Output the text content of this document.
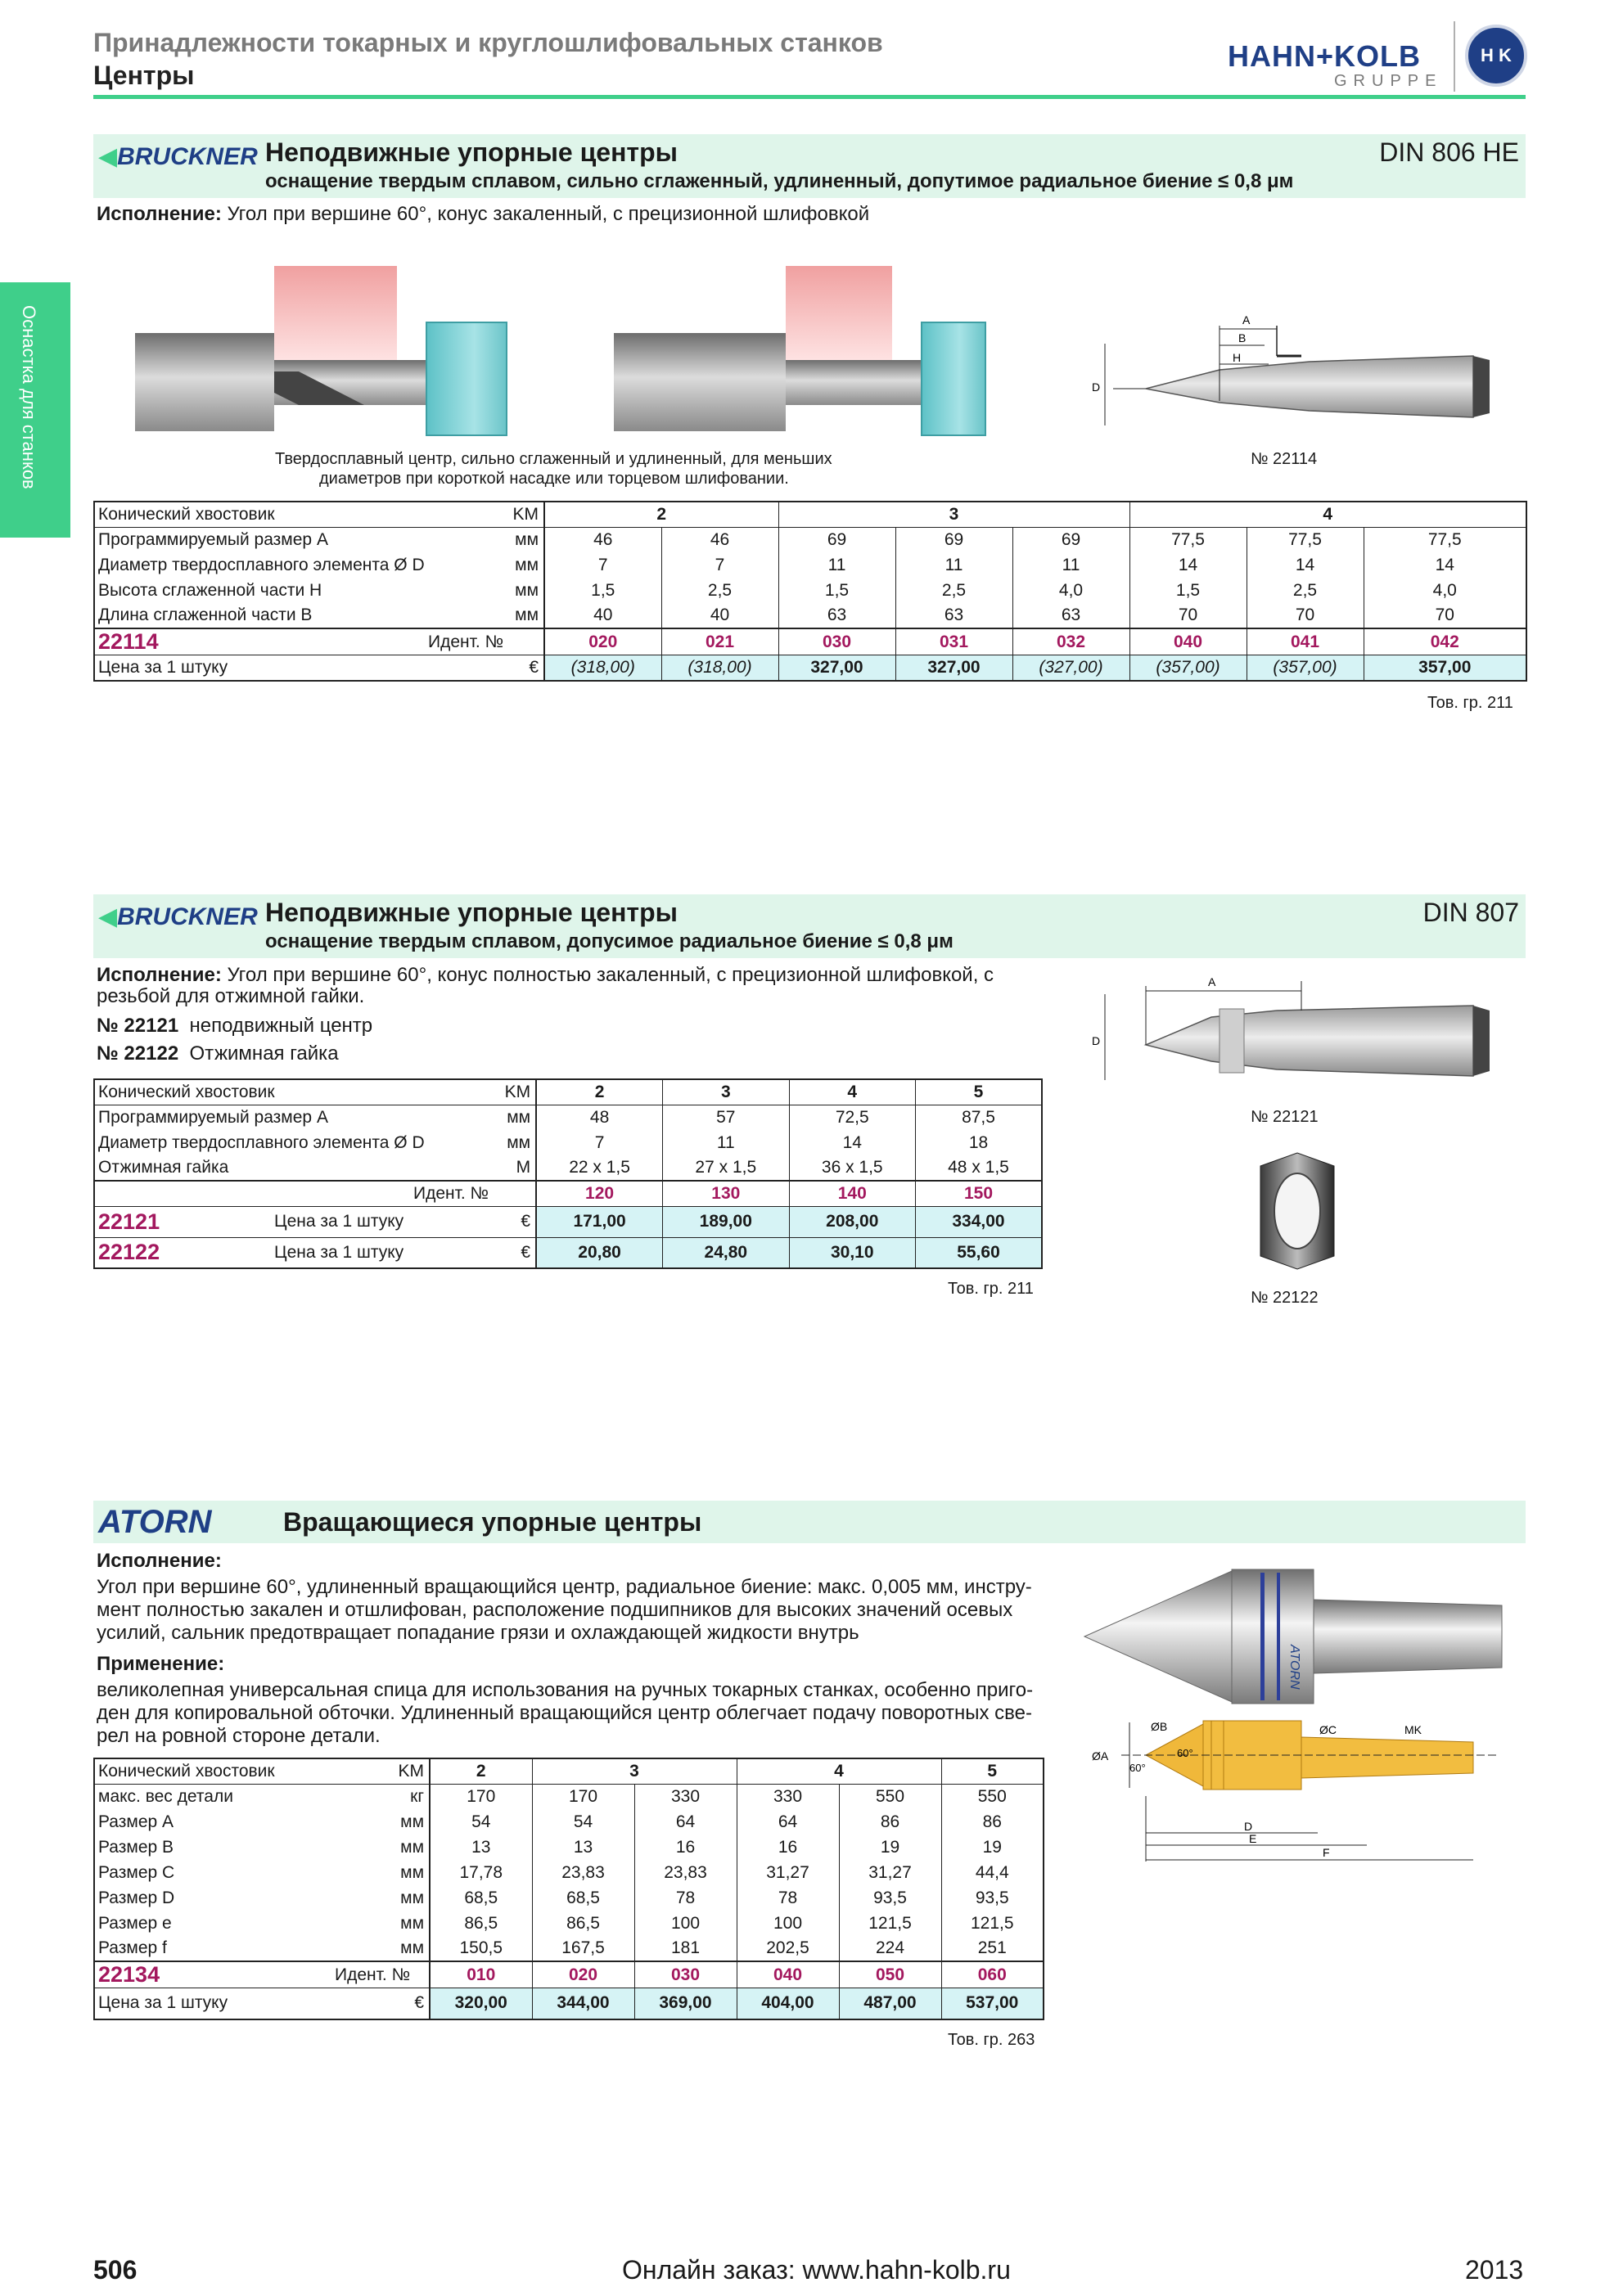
Принадлежности токарных и круглошлифовальных станков
Центры
HAHN+KOLB
GRUPPE
H K
Оснастка для станков
◀BRUCKNER Неподвижные упорные центры
оснащение твердым сплавом, сильно сглаженный, удлиненный, допутимое радиальное биение ≤ 0,8 μм
DIN 806 HE
Исполнение: Угол при вершине 60°, конус закаленный, с прецизионной шлифовкой
Твердосплавный центр, сильно сглаженный и удлиненный, для меньших
диаметров при короткой насадке или торцевом шлифовании.
A
B
H
D
№ 22114
Конический хвостовик	KM	2		3			4		
Программируемый размер А	мм	46	46	69	69	69	77,5	77,5	77,5
Диаметр твердосплавного элемента Ø D	мм	7	7	11	11	11	14	14	14
Высота сглаженной части Н	мм	1,5	2,5	1,5	2,5	4,0	1,5	2,5	4,0
Длина сглаженной части В	мм	40	40	63	63	63	70	70	70
22114	Идент. №	020	021	030	031	032	040	041	042
Цена за 1 штуку	€	(318,00)	(318,00)	327,00	327,00	(327,00)	(357,00)	(357,00)	357,00
Тов. гр. 211
◀BRUCKNER Неподвижные упорные центры
оснащение твердым сплавом, допусимое радиальное биение ≤ 0,8 μм
DIN 807
Исполнение: Угол при вершине 60°, конус полностью закаленный, с прецизионной шлифовкой, с
резьбой для отжимной гайки.
№ 22121 неподвижный центр
№ 22122 Отжимная гайка
A
D
№ 22121
№ 22122
Конический хвостовик		KM	2	3	4	5
Программируемый размер А		мм	48	57	72,5	87,5
Диаметр твердосплавного элемента Ø D		мм	7	11	14	18
Отжимная гайка		M	22 x 1,5	27 x 1,5	36 x 1,5	48 x 1,5
	Идент. №		120	130	140	150
22121	Цена за 1 штуку	€	171,00	189,00	208,00	334,00
22122	Цена за 1 штуку	€	20,80	24,80	30,10	55,60
Тов. гр. 211
ATORN	Вращающиеся упорные центры
Исполнение:
Угол при вершине 60°, удлиненный вращающийся центр, радиальное биение: макс. 0,005 мм, инстру-
мент полностью закален и отшлифован, расположение подшипников для высоких значений осевых
усилий, сальник предотвращает попадание грязи и охлаждающей жидкости внутрь
Применение:
великолепная универсальная спица для использования на ручных токарных станках, особенно приго-
ден для копировальной обточки. Удлиненный вращающийся центр облегчает подачу поворотных све-
рел на ровной стороне детали.
ATORN
ØA
ØB	ØC	MK
60°
60°
D
E
F
Конический хвостовик	KM	2	3		4		5
макс. вес детали	кг	170	170	330	330	550	550
Размер A	мм	54	54	64	64	86	86
Размер B	мм	13	13	16	16	19	19
Размер C	мм	17,78	23,83	23,83	31,27	31,27	44,4
Размер D	мм	68,5	68,5	78	78	93,5	93,5
Размер e	мм	86,5	86,5	100	100	121,5	121,5
Размер f	мм	150,5	167,5	181	202,5	224	251
22134	Идент. №	010	020	030	040	050	060
Цена за 1 штуку	€	320,00	344,00	369,00	404,00	487,00	537,00
Тов. гр. 263
506	Онлайн заказ: www.hahn-kolb.ru	2013
